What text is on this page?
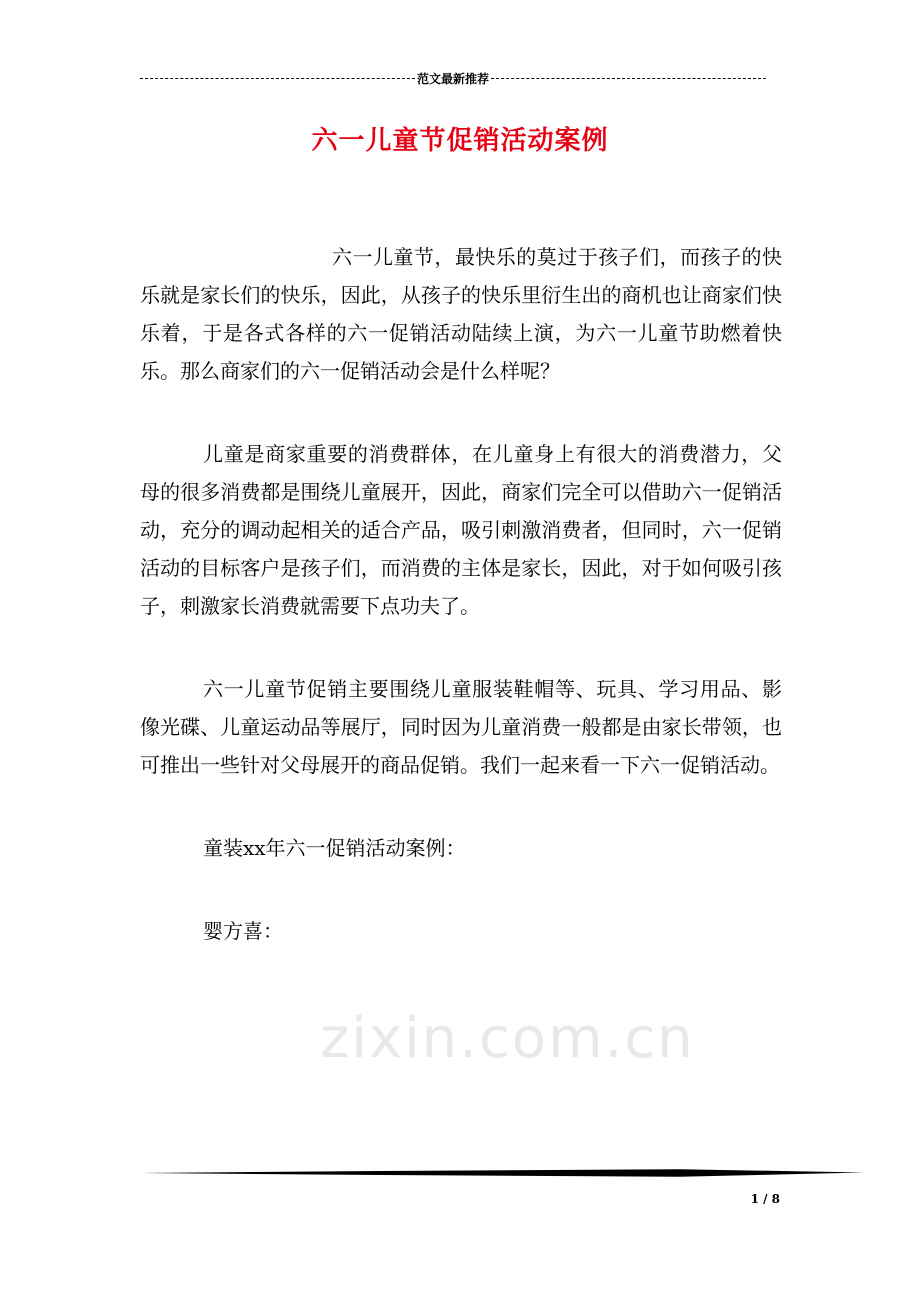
范文最新推荐
六一儿童节促销活动案例
zixin.com.cn

六一儿童节，最快乐的莫过于孩子们，而孩子的快乐就是家长们的快乐，因此，从孩子的快乐里衍生出的商机也让商家们快乐着，于是各式各样的六一促销活动陆续上演，为六一儿童节助燃着快乐。那么商家们的六一促销活动会是什么样呢？

儿童是商家重要的消费群体，在儿童身上有很大的消费潜力，父母的很多消费都是围绕儿童展开，因此，商家们完全可以借助六一促销活动，充分的调动起相关的适合产品，吸引刺激消费者，但同时，六一促销活动的目标客户是孩子们，而消费的主体是家长，因此，对于如何吸引孩子，刺激家长消费就需要下点功夫了。

六一儿童节促销主要围绕儿童服装鞋帽等、玩具、学习用品、影像光碟、儿童运动品等展厅，同时因为儿童消费一般都是由家长带领，也可推出一些针对父母展开的商品促销。我们一起来看一下六一促销活动。

童装xx年六一促销活动案例：

婴方喜：

1 / 8
